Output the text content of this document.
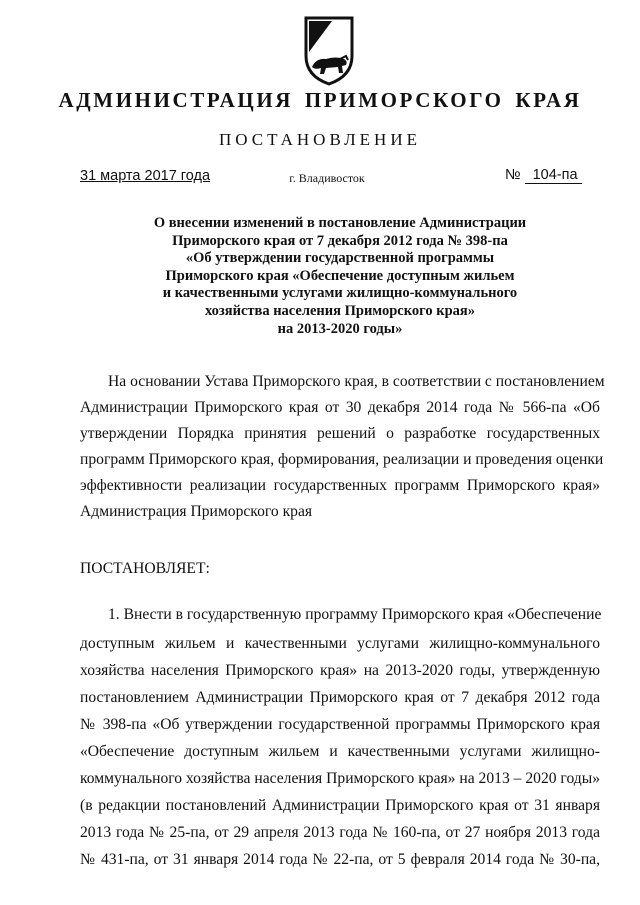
АДМИНИСТРАЦИЯ ПРИМОРСКОГО КРАЯ
ПОСТАНОВЛЕНИЕ
31 марта 2017 года	г. Владивосток	№ 104-па
О внесении изменений в постановление Администрации
Приморского края от 7 декабря 2012 года № 398-па
«Об утверждении государственной программы
Приморского края «Обеспечение доступным жильем
и качественными услугами жилищно-коммунального
хозяйства населения Приморского края»
на 2013-2020 годы»
На основании Устава Приморского края, в соответствии с постановлением
Администрации Приморского края от 30 декабря 2014 года № 566-па «Об
утверждении Порядка принятия решений о разработке государственных
программ Приморского края, формирования, реализации и проведения оценки
эффективности реализации государственных программ Приморского края»
Администрация Приморского края
ПОСТАНОВЛЯЕТ:
1. Внести в государственную программу Приморского края «Обеспечение
доступным жильем и качественными услугами жилищно-коммунального
хозяйства населения Приморского края» на 2013-2020 годы, утвержденную
постановлением Администрации Приморского края от 7 декабря 2012 года
№ 398-па «Об утверждении государственной программы Приморского края
«Обеспечение доступным жильем и качественными услугами жилищно-
коммунального хозяйства населения Приморского края» на 2013 – 2020 годы»
(в редакции постановлений Администрации Приморского края от 31 января
2013 года № 25-па, от 29 апреля 2013 года № 160-па, от 27 ноября 2013 года
№ 431-па, от 31 января 2014 года № 22-па, от 5 февраля 2014 года № 30-па,
